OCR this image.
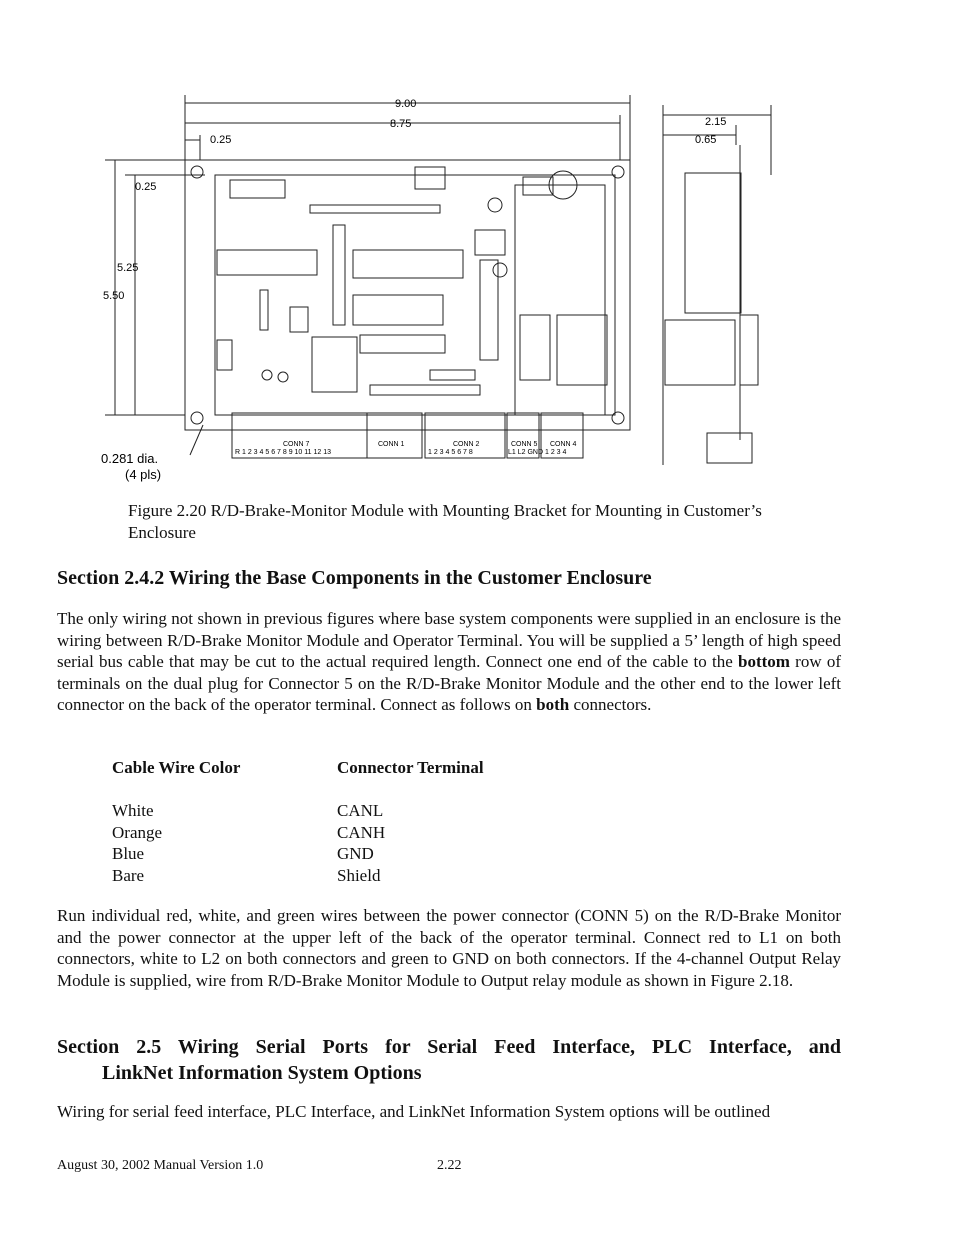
9.00
8.75
0.25
0.25
5.25
5.50
2.15
0.65
0.281 dia.
(4 pls)
CONN 7
R 1 2 3 4 5 6 7 8 9 10 11 12 13
CONN 1	CONN 2
1 2 3 4 5 6 7 8
CONN 5
L1 L2 GND
CONN 4
1 2 3 4
Figure 2.20 R/D-Brake-Monitor Module with Mounting Bracket for Mounting in Customer’s Enclosure
Section 2.4.2 Wiring the Base Components in the Customer Enclosure
The only wiring not shown in previous figures where base system components were supplied in an enclosure is the wiring between R/D-Brake Monitor Module and Operator Terminal. You will be supplied a 5’ length of high speed serial bus cable that may be cut to the actual required length. Connect one end of the cable to the bottom row of terminals on the dual plug for Connector 5 on the R/D-Brake Monitor Module and the other end to the lower left connector on the back of the operator terminal. Connect as follows on both connectors.
Cable Wire Color	Connector Terminal
White	CANL
Orange	CANH
Blue	GND
Bare	Shield
Run individual red, white, and green wires between the power connector (CONN 5) on the R/D-Brake Monitor and the power connector at the upper left of the back of the operator terminal. Connect red to L1 on both connectors, white to L2 on both connectors and green to GND on both connectors. If the 4-channel Output Relay Module is supplied, wire from R/D-Brake Monitor Module to Output relay module as shown in Figure 2.18.
Section 2.5 Wiring Serial Ports for Serial Feed Interface, PLC Interface, and
LinkNet Information System Options
Wiring for serial feed interface, PLC Interface, and LinkNet Information System options will be outlined
August 30, 2002 Manual Version 1.0	2.22
